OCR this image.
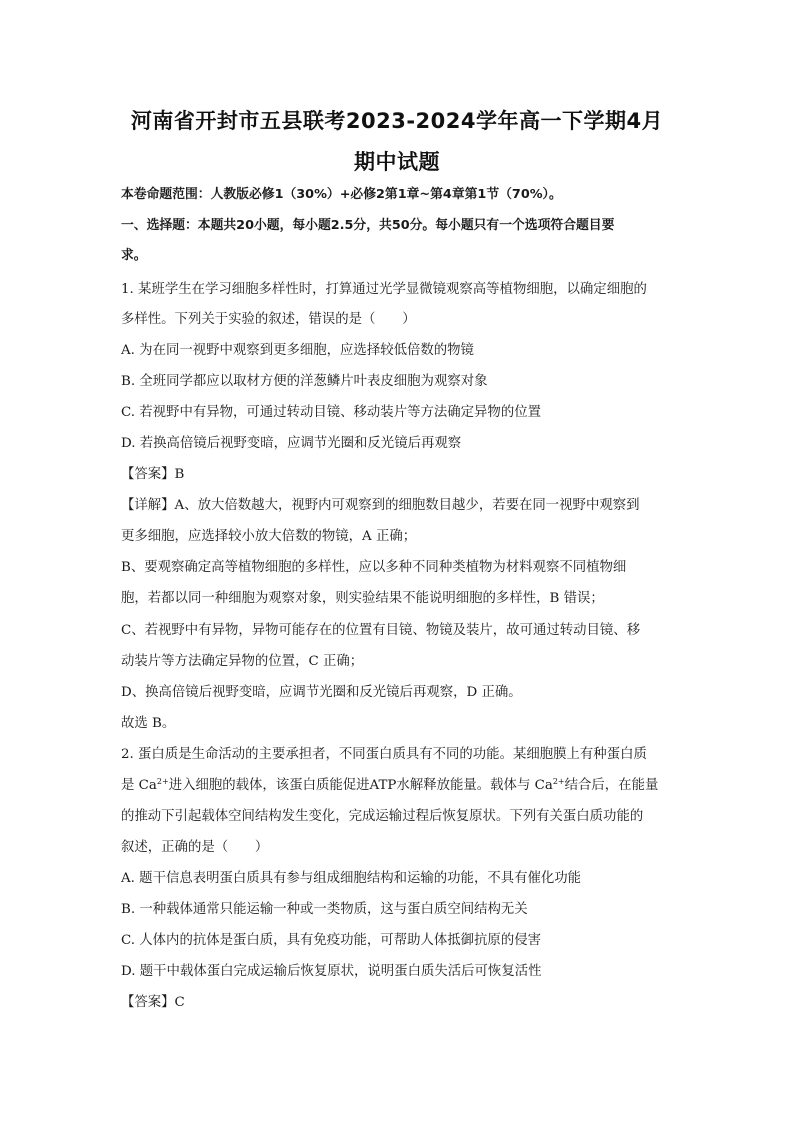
河南省开封市五县联考2023-2024学年高一下学期4月
期中试题
本卷命题范围：人教版必修1（30%）+必修2第1章~第4章第1节（70%）。
一、选择题：本题共20小题，每小题2.5分，共50分。每小题只有一个选项符合题目要
求。
1. 某班学生在学习细胞多样性时，打算通过光学显微镜观察高等植物细胞，以确定细胞的
多样性。下列关于实验的叙述，错误的是（　　）
A. 为在同一视野中观察到更多细胞，应选择较低倍数的物镜
B. 全班同学都应以取材方便的洋葱鳞片叶表皮细胞为观察对象
C. 若视野中有异物，可通过转动目镜、移动装片等方法确定异物的位置
D. 若换高倍镜后视野变暗，应调节光圈和反光镜后再观察
【答案】B
【详解】A、放大倍数越大，视野内可观察到的细胞数目越少，若要在同一视野中观察到
更多细胞，应选择较小放大倍数的物镜，A 正确；
B、要观察确定高等植物细胞的多样性，应以多种不同种类植物为材料观察不同植物细
胞，若都以同一种细胞为观察对象，则实验结果不能说明细胞的多样性，B 错误；
C、若视野中有异物，异物可能存在的位置有目镜、物镜及装片，故可通过转动目镜、移
动装片等方法确定异物的位置，C 正确；
D、换高倍镜后视野变暗，应调节光圈和反光镜后再观察，D 正确。
故选 B。
2. 蛋白质是生命活动的主要承担者，不同蛋白质具有不同的功能。某细胞膜上有种蛋白质
是 $Ca^{2+}$进入细胞的载体，该蛋白质能促进ATP水解释放能量。载体与 $Ca^{2+}$结合后，在能量
的推动下引起载体空间结构发生变化，完成运输过程后恢复原状。下列有关蛋白质功能的
叙述，正确的是（　　）
A. 题干信息表明蛋白质具有参与组成细胞结构和运输的功能，不具有催化功能
B. 一种载体通常只能运输一种或一类物质，这与蛋白质空间结构无关
C. 人体内的抗体是蛋白质，具有免疫功能，可帮助人体抵御抗原的侵害
D. 题干中载体蛋白完成运输后恢复原状，说明蛋白质失活后可恢复活性
【答案】C
